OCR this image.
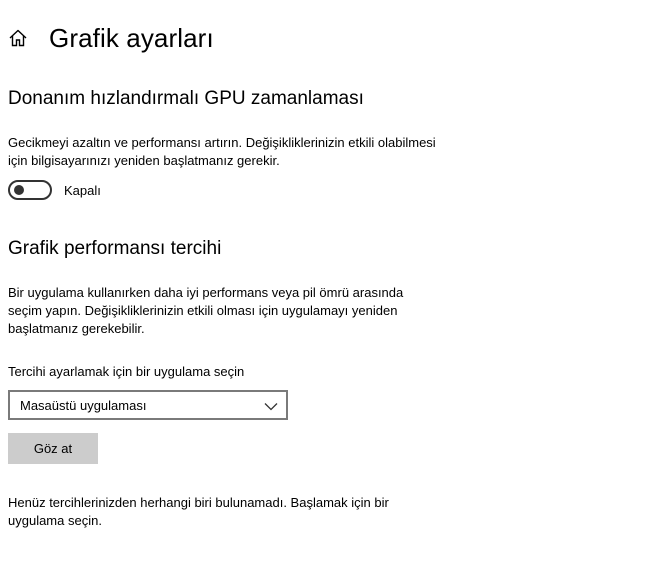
Grafik ayarları
Donanım hızlandırmalı GPU zamanlaması
Gecikmeyi azaltın ve performansı artırın. Değişikliklerinizin etkili olabilmesi için bilgisayarınızı yeniden başlatmanız gerekir.
Kapalı
Grafik performansı tercihi
Bir uygulama kullanırken daha iyi performans veya pil ömrü arasında seçim yapın. Değişikliklerinizin etkili olması için uygulamayı yeniden başlatmanız gerekebilir.
Tercihi ayarlamak için bir uygulama seçin
Masaüstü uygulaması
Göz at
Henüz tercihlerinizden herhangi biri bulunamadı. Başlamak için bir uygulama seçin.
